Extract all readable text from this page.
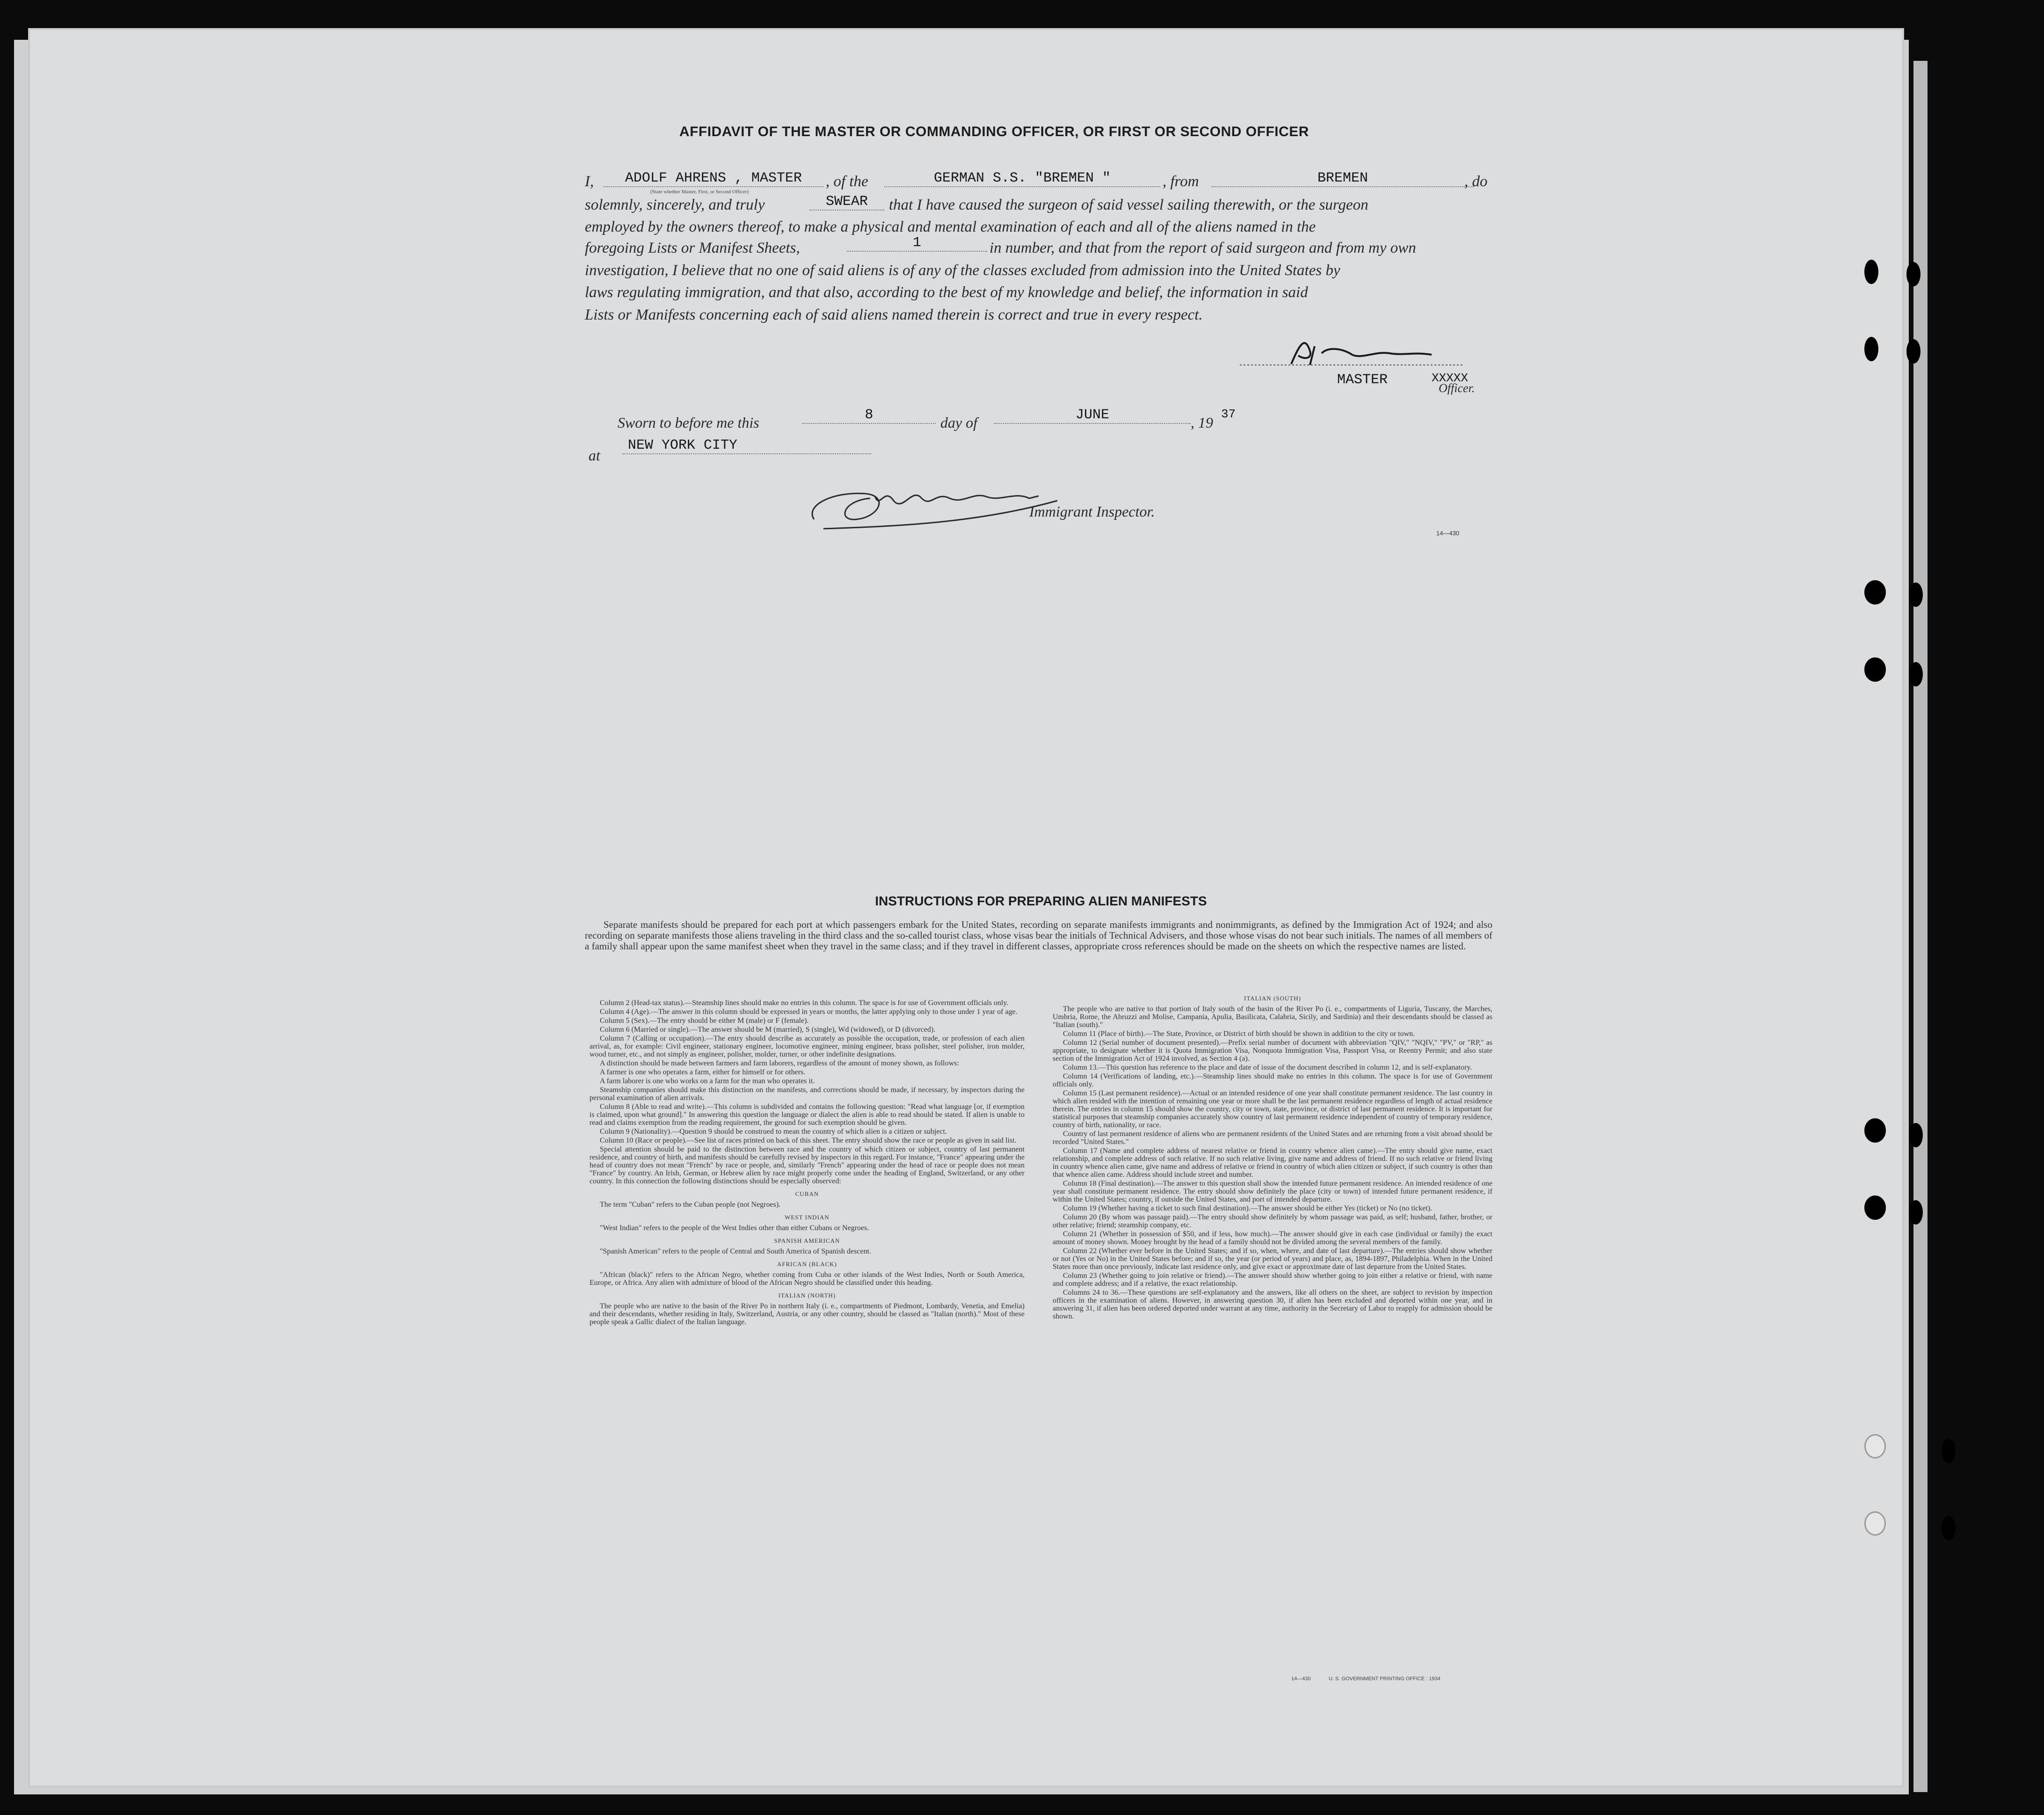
AFFIDAVIT OF THE MASTER OR COMMANDING OFFICER, OR FIRST OR SECOND OFFICER
I,	ADOLF AHRENS , MASTER
(State whether Master, First, or Second Officer)
, of the	GERMAN S.S. "BREMEN "	, from	BREMEN	, do
solemnly, sincerely, and truly	SWEAR	that I have caused the surgeon of said vessel sailing therewith, or the surgeon
employed by the owners thereof, to make a physical and mental examination of each and all of the aliens named in the
foregoing Lists or Manifest Sheets,	1	in number, and that from the report of said surgeon and from my own
investigation, I believe that no one of said aliens is of any of the classes excluded from admission into the United States by
laws regulating immigration, and that also, according to the best of my knowledge and belief, the information in said
Lists or Manifests concerning each of said aliens named therein is correct and true in every respect.
MASTER	XXXXX
Officer.
Sworn to before me this	8	day of	JUNE	, 19 37
at
NEW YORK CITY
Immigrant Inspector.
14—430
INSTRUCTIONS FOR PREPARING ALIEN MANIFESTS
Separate manifests should be prepared for each port at which passengers embark for the United States, recording on separate manifests immigrants and nonimmigrants, as defined by the Immigration Act of 1924; and also recording on separate manifests those aliens traveling in the third class and the so-called tourist class, whose visas bear the initials of Technical Advisers, and those whose visas do not bear such initials. The names of all members of a family shall appear upon the same manifest sheet when they travel in the same class; and if they travel in different classes, appropriate cross references should be made on the sheets on which the respective names are listed.

Column 2 (Head-tax status).—Steamship lines should make no entries in this column. The space is for use of Government officials only.

Column 4 (Age).—The answer in this column should be expressed in years or months, the latter applying only to those under 1 year of age.

Column 5 (Sex).—The entry should be either M (male) or F (female).

Column 6 (Married or single).—The answer should be M (married), S (single), Wd (widowed), or D (divorced).

Column 7 (Calling or occupation).—The entry should describe as accurately as possible the occupation, trade, or profession of each alien arrival, as, for example: Civil engineer, stationary engineer, locomotive engineer, mining engineer, brass polisher, steel polisher, iron molder, wood turner, etc., and not simply as engineer, polisher, molder, turner, or other indefinite designations.

A distinction should be made between farmers and farm laborers, regardless of the amount of money shown, as follows:

A farmer is one who operates a farm, either for himself or for others.

A farm laborer is one who works on a farm for the man who operates it.

Steamship companies should make this distinction on the manifests, and corrections should be made, if necessary, by inspectors during the personal examination of alien arrivals.

Column 8 (Able to read and write).—This column is subdivided and contains the following question: "Read what language [or, if exemption is claimed, upon what ground]." In answering this question the language or dialect the alien is able to read should be stated. If alien is unable to read and claims exemption from the reading requirement, the ground for such exemption should be given.

Column 9 (Nationality).—Question 9 should be construed to mean the country of which alien is a citizen or subject.

Column 10 (Race or people).—See list of races printed on back of this sheet. The entry should show the race or people as given in said list.

Special attention should be paid to the distinction between race and the country of which citizen or subject, country of last permanent residence, and country of birth, and manifests should be carefully revised by inspectors in this regard. For instance, "France" appearing under the head of country does not mean "French" by race or people, and, similarly "French" appearing under the head of race or people does not mean "France" by country. An Irish, German, or Hebrew alien by race might properly come under the heading of England, Switzerland, or any other country. In this connection the following distinctions should be especially observed:

CUBAN

The term "Cuban" refers to the Cuban people (not Negroes).

WEST INDIAN

"West Indian" refers to the people of the West Indies other than either Cubans or Negroes.

SPANISH AMERICAN

"Spanish American" refers to the people of Central and South America of Spanish descent.

AFRICAN (BLACK)

"African (black)" refers to the African Negro, whether coming from Cuba or other islands of the West Indies, North or South America, Europe, or Africa. Any alien with admixture of blood of the African Negro should be classified under this heading.

ITALIAN (NORTH)

The people who are native to the basin of the River Po in northern Italy (i. e., compartments of Piedmont, Lombardy, Venetia, and Emelia) and their descendants, whether residing in Italy, Switzerland, Austria, or any other country, should be classed as "Italian (north)." Most of these people speak a Gallic dialect of the Italian language.

ITALIAN (SOUTH)

The people who are native to that portion of Italy south of the basin of the River Po (i. e., compartments of Liguria, Tuscany, the Marches, Umbria, Rome, the Abruzzi and Molise, Campania, Apulia, Basilicata, Calabria, Sicily, and Sardinia) and their descendants should be classed as "Italian (south)."

Column 11 (Place of birth).—The State, Province, or District of birth should be shown in addition to the city or town.

Column 12 (Serial number of document presented).—Prefix serial number of document with abbreviation "QIV," "NQIV," "PV," or "RP," as appropriate, to designate whether it is Quota Immigration Visa, Nonquota Immigration Visa, Passport Visa, or Reentry Permit; and also state section of the Immigration Act of 1924 involved, as Section 4 (a).

Column 13.—This question has reference to the place and date of issue of the document described in column 12, and is self-explanatory.

Column 14 (Verifications of landing, etc.).—Steamship lines should make no entries in this column. The space is for use of Government officials only.

Column 15 (Last permanent residence).—Actual or an intended residence of one year shall constitute permanent residence. The last country in which alien resided with the intention of remaining one year or more shall be the last permanent residence regardless of length of actual residence therein. The entries in column 15 should show the country, city or town, state, province, or district of last permanent residence. It is important for statistical purposes that steamship companies accurately show country of last permanent residence independent of country of temporary residence, country of birth, nationality, or race.

Country of last permanent residence of aliens who are permanent residents of the United States and are returning from a visit abroad should be recorded "United States."

Column 17 (Name and complete address of nearest relative or friend in country whence alien came).—The entry should give name, exact relationship, and complete address of such relative. If no such relative living, give name and address of friend. If no such relative or friend living in country whence alien came, give name and address of relative or friend in country of which alien citizen or subject, if such country is other than that whence alien came. Address should include street and number.

Column 18 (Final destination).—The answer to this question shall show the intended future permanent residence. An intended residence of one year shall constitute permanent residence. The entry should show definitely the place (city or town) of intended future permanent residence, if within the United States; country, if outside the United States, and port of intended departure.

Column 19 (Whether having a ticket to such final destination).—The answer should be either Yes (ticket) or No (no ticket).

Column 20 (By whom was passage paid).—The entry should show definitely by whom passage was paid, as self; husband, father, brother, or other relative; friend; steamship company, etc.

Column 21 (Whether in possession of $50, and if less, how much).—The answer should give in each case (individual or family) the exact amount of money shown. Money brought by the head of a family should not be divided among the several members of the family.

Column 22 (Whether ever before in the United States; and if so, when, where, and date of last departure).—The entries should show whether or not (Yes or No) in the United States before; and if so, the year (or period of years) and place, as, 1894-1897, Philadelphia. When in the United States more than once previously, indicate last residence only, and give exact or approximate date of last departure from the United States.

Column 23 (Whether going to join relative or friend).—The answer should show whether going to join either a relative or friend, with name and complete address; and if a relative, the exact relationship.

Columns 24 to 36.—These questions are self-explanatory and the answers, like all others on the sheet, are subject to revision by inspection officers in the examination of aliens. However, in answering question 30, if alien has been excluded and deported within one year, and in answering 31, if alien has been ordered deported under warrant at any time, authority in the Secretary of Labor to reapply for admission should be shown.

14—430	U. S. GOVERNMENT PRINTING OFFICE : 1934
